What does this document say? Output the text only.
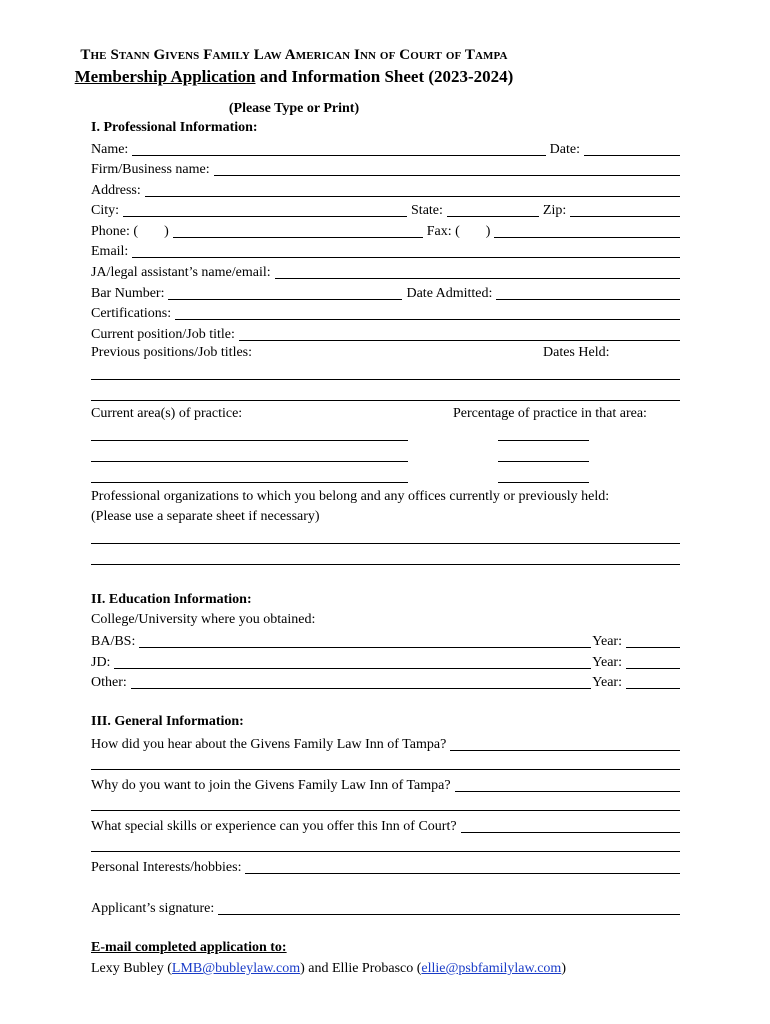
The Stann Givens Family Law American Inn of Court of Tampa
Membership Application and Information Sheet (2023-2024)
(Please Type or Print)
I. Professional Information:
Name:	Date:
Firm/Business name:
Address:
City:	State:	Zip:
Phone: ( )	Fax: ( )
Email:
JA/legal assistant’s name/email:
Bar Number:	Date Admitted:
Certifications:
Current position/Job title:
Previous positions/Job titles:	Dates Held:
Current area(s) of practice:	Percentage of practice in that area:
Professional organizations to which you belong and any offices currently or previously held:
(Please use a separate sheet if necessary)
II. Education Information:
College/University where you obtained:
BA/BS:	Year:
JD:	Year:
Other:	Year:
III. General Information:
How did you hear about the Givens Family Law Inn of Tampa?
Why do you want to join the Givens Family Law Inn of Tampa?
What special skills or experience can you offer this Inn of Court?
Personal Interests/hobbies:
Applicant’s signature:
E-mail completed application to:
Lexy Bubley (LMB@bubleylaw.com) and Ellie Probasco (ellie@psbfamilylaw.com)
